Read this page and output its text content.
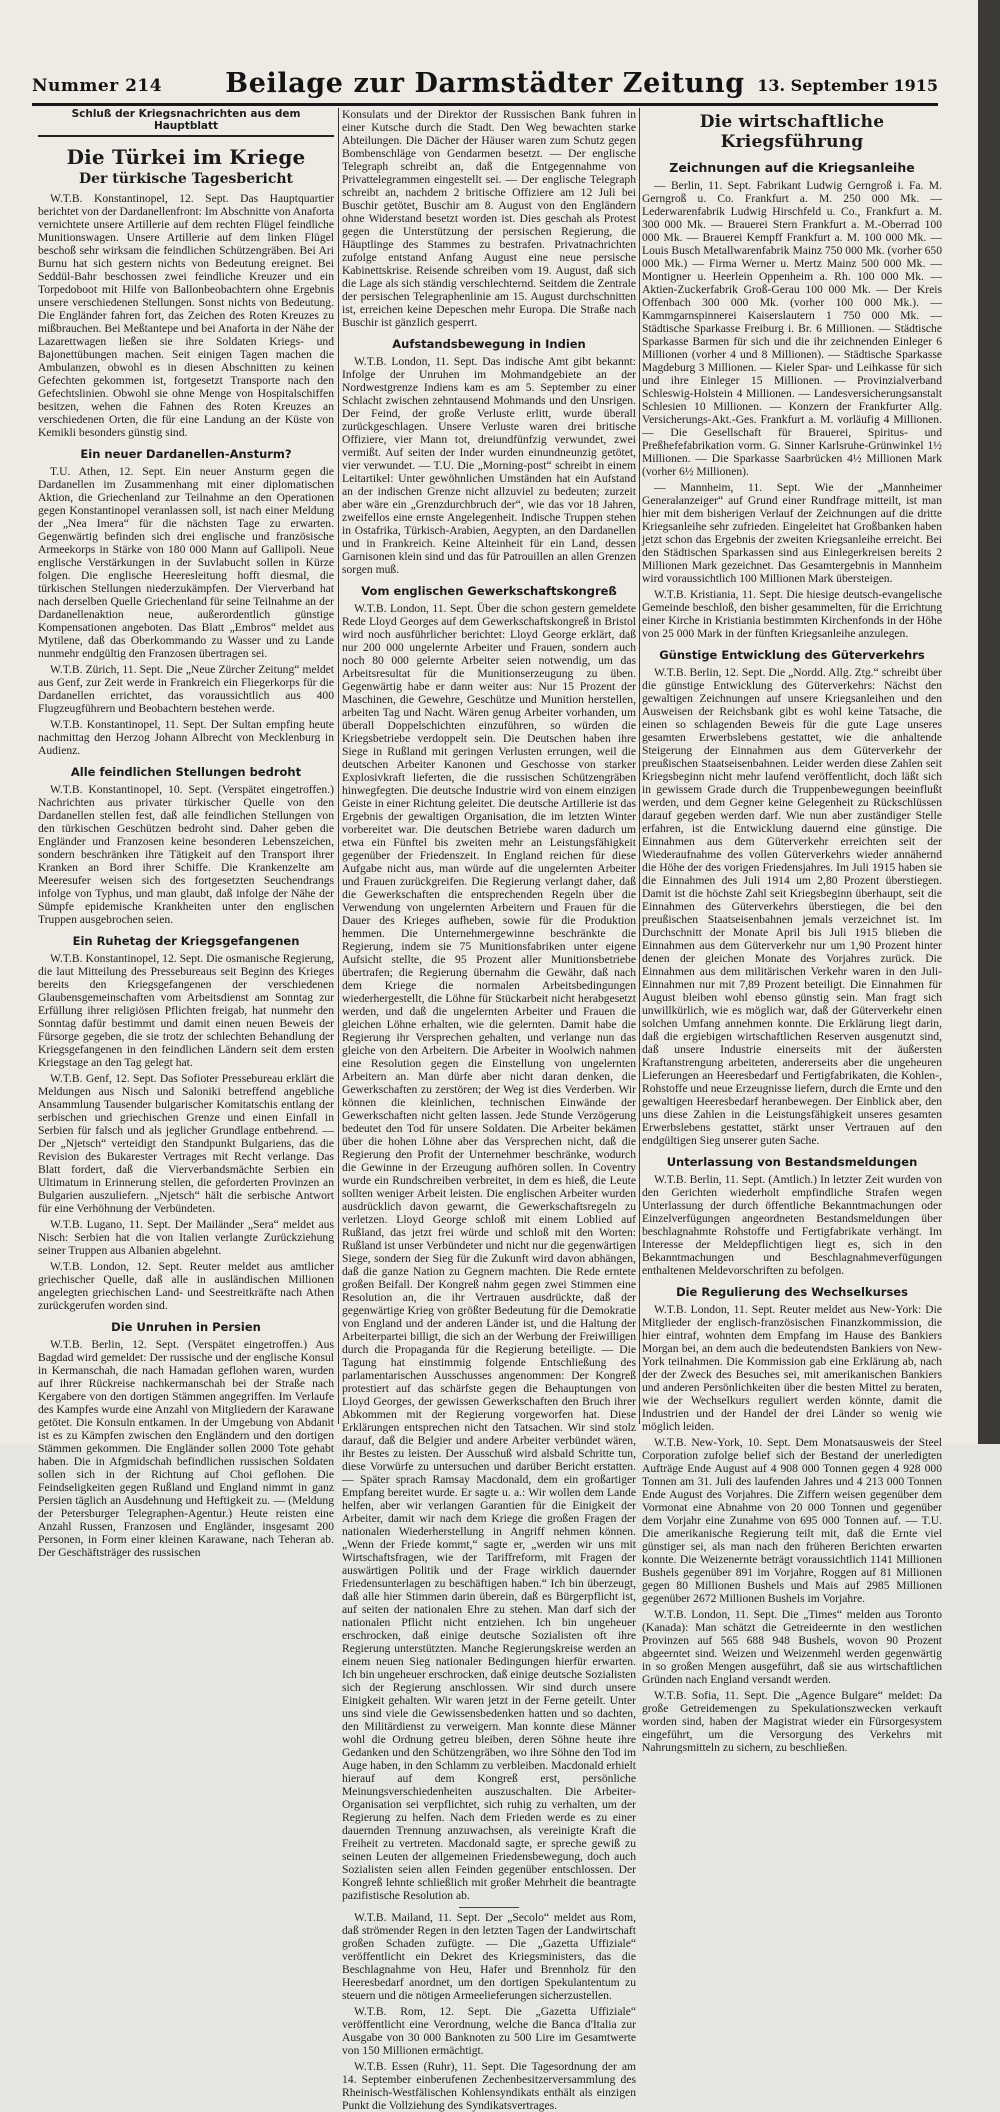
Nummer 214	Beilage zur Darmstädter Zeitung 13. September 1915
Schluß der Kriegsnachrichten aus dem Hauptblatt
Die Türkei im Kriege
Der türkische Tagesbericht

W.T.B. Konstantinopel, 12. Sept. Das Hauptquartier berichtet von der Dardanellenfront: Im Abschnitte von Anaforta vernichtete unsere Artillerie auf dem rechten Flügel feindliche Munitionswagen. Unsere Artillerie auf dem linken Flügel beschoß sehr wirksam die feindlichen Schützengräben. Bei Ari Burnu hat sich gestern nichts von Bedeutung ereignet. Bei Seddül-Bahr beschossen zwei feindliche Kreuzer und ein Torpedoboot mit Hilfe von Ballonbeobachtern ohne Ergebnis unsere verschiedenen Stellungen. Sonst nichts von Bedeutung. Die Engländer fahren fort, das Zeichen des Roten Kreuzes zu mißbrauchen. Bei Meßtantepe und bei Anaforta in der Nähe der Lazarettwagen ließen sie ihre Soldaten Kriegs- und Bajonettübungen machen. Seit einigen Tagen machen die Ambulanzen, obwohl es in diesen Abschnitten zu keinen Gefechten gekommen ist, fortgesetzt Transporte nach den Gefechtslinien. Obwohl sie ohne Menge von Hospitalschiffen besitzen, wehen die Fahnen des Roten Kreuzes an verschiedenen Orten, die für eine Landung an der Küste von Kemikli besonders günstig sind.

Ein neuer Dardanellen-Ansturm?

T.U. Athen, 12. Sept. Ein neuer Ansturm gegen die Dardanellen im Zusammenhang mit einer diplomatischen Aktion, die Griechenland zur Teilnahme an den Operationen gegen Konstantinopel veranlassen soll, ist nach einer Meldung der „Nea Imera“ für die nächsten Tage zu erwarten. Gegenwärtig befinden sich drei englische und französische Armeekorps in Stärke von 180 000 Mann auf Gallipoli. Neue englische Verstärkungen in der Suvlabucht sollen in Kürze folgen. Die englische Heeresleitung hofft diesmal, die türkischen Stellungen niederzukämpfen. Der Vierverband hat nach derselben Quelle Griechenland für seine Teilnahme an der Dardanellenaktion neue, außerordentlich günstige Kompensationen angeboten. Das Blatt „Embros“ meldet aus Mytilene, daß das Oberkommando zu Wasser und zu Lande nunmehr endgültig den Franzosen übertragen sei.

W.T.B. Zürich, 11. Sept. Die „Neue Zürcher Zeitung“ meldet aus Genf, zur Zeit werde in Frankreich ein Fliegerkorps für die Dardanellen errichtet, das voraussichtlich aus 400 Flugzeugführern und Beobachtern bestehen werde.

W.T.B. Konstantinopel, 11. Sept. Der Sultan empfing heute nachmittag den Herzog Johann Albrecht von Mecklenburg in Audienz.

Alle feindlichen Stellungen bedroht

W.T.B. Konstantinopel, 10. Sept. (Verspätet eingetroffen.) Nachrichten aus privater türkischer Quelle von den Dardanellen stellen fest, daß alle feindlichen Stellungen von den türkischen Geschützen bedroht sind. Daher geben die Engländer und Franzosen keine besonderen Lebenszeichen, sondern beschränken ihre Tätigkeit auf den Transport ihrer Kranken an Bord ihrer Schiffe. Die Krankenzelte am Meeresufer weisen sich des fortgesetzten Seuchendrangs infolge von Typhus, und man glaubt, daß infolge der Nähe der Sümpfe epidemische Krankheiten unter den englischen Truppen ausgebrochen seien.

Ein Ruhetag der Kriegsgefangenen

W.T.B. Konstantinopel, 12. Sept. Die osmanische Regierung, die laut Mitteilung des Pressebureaus seit Beginn des Krieges bereits den Kriegsgefangenen der verschiedenen Glaubensgemeinschaften vom Arbeitsdienst am Sonntag zur Erfüllung ihrer religiösen Pflichten freigab, hat nunmehr den Sonntag dafür bestimmt und damit einen neuen Beweis der Fürsorge gegeben, die sie trotz der schlechten Behandlung der Kriegsgefangenen in den feindlichen Ländern seit dem ersten Kriegstage an den Tag gelegt hat.

W.T.B. Genf, 12. Sept. Das Sofioter Pressebureau erklärt die Meldungen aus Nisch und Saloniki betreffend angebliche Ansammlung Tausender bulgarischer Komitatschis entlang der serbischen und griechischen Grenze und einen Einfall in Serbien für falsch und als jeglicher Grundlage entbehrend. — Der „Njetsch“ verteidigt den Standpunkt Bulgariens, das die Revision des Bukarester Vertrages mit Recht verlange. Das Blatt fordert, daß die Vierverbandsmächte Serbien ein Ultimatum in Erinnerung stellen, die geforderten Provinzen an Bulgarien auszuliefern. „Njetsch“ hält die serbische Antwort für eine Verhöhnung der Verbündeten.

W.T.B. Lugano, 11. Sept. Der Mailänder „Sera“ meldet aus Nisch: Serbien hat die von Italien verlangte Zurückziehung seiner Truppen aus Albanien abgelehnt.

W.T.B. London, 12. Sept. Reuter meldet aus amtlicher griechischer Quelle, daß alle in ausländischen Millionen angelegten griechischen Land- und Seestreitkräfte nach Athen zurückgerufen worden sind.

Die Unruhen in Persien

W.T.B. Berlin, 12. Sept. (Verspätet eingetroffen.) Aus Bagdad wird gemeldet: Der russische und der englische Konsul in Kermanschah, die nach Hamadan geflohen waren, wurden auf ihrer Rückreise nachkermanschah bei der Straße nach Kergabere von den dortigen Stämmen angegriffen. Im Verlaufe des Kampfes wurde eine Anzahl von Mitgliedern der Karawane getötet. Die Konsuln entkamen. In der Umgebung von Abdanit ist es zu Kämpfen zwischen den Engländern und den dortigen Stämmen gekommen. Die Engländer sollen 2000 Tote gehabt haben. Die in Afgmidschah befindlichen russischen Soldaten sollen sich in der Richtung auf Choi geflohen. Die Feindseligkeiten gegen Rußland und England nimmt in ganz Persien täglich an Ausdehnung und Heftigkeit zu. — (Meldung der Petersburger Telegraphen-Agentur.) Heute reisten eine Anzahl Russen, Franzosen und Engländer, insgesamt 200 Personen, in Form einer kleinen Karawane, nach Teheran ab. Der Geschäftsträger des russischen

Konsulats und der Direktor der Russischen Bank fuhren in einer Kutsche durch die Stadt. Den Weg bewachten starke Abteilungen. Die Dächer der Häuser waren zum Schutz gegen Bombenschläge von Gendarmen besetzt. — Der englische Telegraph schreibt an, daß die Entgegennahme von Privattelegrammen eingestellt sei. — Der englische Telegraph schreibt an, nachdem 2 britische Offiziere am 12 Juli bei Buschir getötet, Buschir am 8. August von den Engländern ohne Widerstand besetzt worden ist. Dies geschah als Protest gegen die Unterstützung der persischen Regierung, die Häuptlinge des Stammes zu bestrafen. Privatnachrichten zufolge entstand Anfang August eine neue persische Kabinettskrise. Reisende schreiben vom 19. August, daß sich die Lage als sich ständig verschlechternd. Seitdem die Zentrale der persischen Telegraphenlinie am 15. August durchschnitten ist, erreichen keine Depeschen mehr Europa. Die Straße nach Buschir ist gänzlich gesperrt.

Aufstandsbewegung in Indien

W.T.B. London, 11. Sept. Das indische Amt gibt bekannt: Infolge der Unruhen im Mohmandgebiete an der Nordwestgrenze Indiens kam es am 5. September zu einer Schlacht zwischen zehntausend Mohmands und den Unsrigen. Der Feind, der große Verluste erlitt, wurde überall zurückgeschlagen. Unsere Verluste waren drei britische Offiziere, vier Mann tot, dreiundfünfzig verwundet, zwei vermißt. Auf seiten der Inder wurden einundneunzig getötet, vier verwundet. — T.U. Die „Morning-post“ schreibt in einem Leitartikel: Unter gewöhnlichen Umständen hat ein Aufstand an der indischen Grenze nicht allzuviel zu bedeuten; zurzeit aber wäre ein „Grenzdurchbruch der“, wie das vor 18 Jahren, zweifellos eine ernste Angelegenheit. Indische Truppen stehen in Ostafrika, Türkisch-Arabien, Aegypten, an den Dardanellen und in Frankreich. Keine Alteinheit für ein Land, dessen Garnisonen klein sind und das für Patrouillen an allen Grenzen sorgen muß.

Vom englischen Gewerkschaftskongreß

W.T.B. London, 11. Sept. Über die schon gestern gemeldete Rede Lloyd Georges auf dem Gewerkschaftskongreß in Bristol wird noch ausführlicher berichtet: Lloyd George erklärt, daß nur 200 000 ungelernte Arbeiter und Frauen, sondern auch noch 80 000 gelernte Arbeiter seien notwendig, um das Arbeitsresultat für die Munitionserzeugung zu üben. Gegenwärtig habe er dann weiter aus: Nur 15 Prozent der Maschinen, die Gewehre, Geschütze und Munition herstellen, arbeiten Tag und Nacht. Wären genug Arbeiter vorhanden, um überall Doppelschichten einzuführen, so würden die Kriegsbetriebe verdoppelt sein. Die Deutschen haben ihre Siege in Rußland mit geringen Verlusten errungen, weil die deutschen Arbeiter Kanonen und Geschosse von starker Explosivkraft lieferten, die die russischen Schützengräben hinwegfegten. Die deutsche Industrie wird von einem einzigen Geiste in einer Richtung geleitet. Die deutsche Artillerie ist das Ergebnis der gewaltigen Organisation, die im letzten Winter vorbereitet war. Die deutschen Betriebe waren dadurch um etwa ein Fünftel bis zweiten mehr an Leistungsfähigkeit gegenüber der Friedenszeit. In England reichen für diese Aufgabe nicht aus, man würde auf die ungelernten Arbeiter und Frauen zurückgreifen. Die Regierung verlangt daher, daß die Gewerkschaften die entsprechenden Regeln über die Verwendung von ungelernten Arbeitern und Frauen für die Dauer des Krieges aufheben, sowie für die Produktion hemmen. Die Unternehmergewinne beschränkte die Regierung, indem sie 75 Munitionsfabriken unter eigene Aufsicht stellte, die 95 Prozent aller Munitionsbetriebe übertrafen; die Regierung übernahm die Gewähr, daß nach dem Kriege die normalen Arbeitsbedingungen wiederhergestellt, die Löhne für Stückarbeit nicht herabgesetzt werden, und daß die ungelernten Arbeiter und Frauen die gleichen Löhne erhalten, wie die gelernten. Damit habe die Regierung ihr Versprechen gehalten, und verlange nun das gleiche von den Arbeitern. Die Arbeiter in Woolwich nahmen eine Resolution gegen die Einstellung von ungelernten Arbeitern an. Man dürfe aber nicht daran denken, die Gewerkschaften zu zerstören; der Weg ist dies Verderben. Wir können die kleinlichen, technischen Einwände der Gewerkschaften nicht gelten lassen. Jede Stunde Verzögerung bedeutet den Tod für unsere Soldaten. Die Arbeiter bekämen über die hohen Löhne aber das Versprechen nicht, daß die Regierung den Profit der Unternehmer beschränke, wodurch die Gewinne in der Erzeugung aufhören sollen. In Coventry wurde ein Rundschreiben verbreitet, in dem es hieß, die Leute sollten weniger Arbeit leisten. Die englischen Arbeiter wurden ausdrücklich davon gewarnt, die Gewerkschaftsregeln zu verletzen. Lloyd George schloß mit einem Loblied auf Rußland, das jetzt frei würde und schloß mit den Worten: Rußland ist unser Verbündeter und nicht nur die gegenwärtigen Siege, sondern der Sieg für die Zukunft wird davon abhängen, daß die ganze Nation zu Gegnern machten. Die Rede erntete großen Beifall. Der Kongreß nahm gegen zwei Stimmen eine Resolution an, die ihr Vertrauen ausdrückte, daß der gegenwärtige Krieg von größter Bedeutung für die Demokratie von England und der anderen Länder ist, und die Haltung der Arbeiterpartei billigt, die sich an der Werbung der Freiwilligen durch die Propaganda für die Regierung beteiligte. — Die Tagung hat einstimmig folgende Entschließung des parlamentarischen Ausschusses angenommen: Der Kongreß protestiert auf das schärfste gegen die Behauptungen von Lloyd Georges, der gewissen Gewerkschaften den Bruch ihrer Abkommen mit der Regierung vorgeworfen hat. Diese Erklärungen entsprechen nicht den Tatsachen. Wir sind stolz darauf, daß die Belgier und andere Arbeiter verbündet wären, ihr Bestes zu leisten. Der Ausschuß wird alsbald Schritte tun, diese Vorwürfe zu untersuchen und darüber Bericht erstatten. — Später sprach Ramsay Macdonald, dem ein großartiger Empfang bereitet wurde. Er sagte u. a.: Wir wollen dem Lande helfen, aber wir verlangen Garantien für die Einigkeit der Arbeiter, damit wir nach dem Kriege die großen Fragen der nationalen Wiederherstellung in Angriff nehmen können. „Wenn der Friede kommt,“ sagte er, „werden wir uns mit Wirtschaftsfragen, wie der Tariffreform, mit Fragen der auswärtigen Politik und der Frage wirklich dauernder Friedensunterlagen zu beschäftigen haben.“ Ich bin überzeugt, daß alle hier Stimmen darin überein, daß es Bürgerpflicht ist, auf seiten der nationalen Ehre zu stehen. Man darf sich der nationalen Pflicht nicht entziehen. Ich bin ungeheuer erschrocken, daß einige deutsche Sozialisten oft ihre Regierung unterstützten. Manche Regierungskreise werden an einem neuen Sieg nationaler Bedingungen hierfür erwarten. Ich bin ungeheuer erschrocken, daß einige deutsche Sozialisten sich der Regierung anschlossen. Wir sind durch unsere Einigkeit gehalten. Wir waren jetzt in der Ferne geteilt. Unter uns sind viele die Gewissensbedenken hatten und so dachten, den Militärdienst zu verweigern. Man konnte diese Männer wohl die Ordnung getreu bleiben, deren Söhne heute ihre Gedanken und den Schützengräben, wo ihre Söhne den Tod im Auge haben, in den Schlamm zu verbleiben. Macdonald erhielt hierauf auf dem Kongreß erst, persönliche Meinungsverschiedenheiten auszuschalten. Die Arbeiter-Organisation sei verpflichtet, sich ruhig zu verhalten, um der Regierung zu helfen. Nach dem Frieden werde es zu einer dauernden Trennung anzuwachsen, als vereinigte Kraft die Freiheit zu vertreten. Macdonald sagte, er spreche gewiß zu seinen Leuten der allgemeinen Friedensbewegung, doch auch Sozialisten seien allen Feinden gegenüber entschlossen. Der Kongreß lehnte schließlich mit großer Mehrheit die beantragte pazifistische Resolution ab.

W.T.B. Mailand, 11. Sept. Der „Secolo“ meldet aus Rom, daß strömender Regen in den letzten Tagen der Landwirtschaft großen Schaden zufügte. — Die „Gazetta Uffiziale“ veröffentlicht ein Dekret des Kriegsministers, das die Beschlagnahme von Heu, Hafer und Brennholz für den Heeresbedarf anordnet, um den dortigen Spekulantentum zu steuern und die nötigen Armeelieferungen sicherzustellen.

W.T.B. Rom, 12. Sept. Die „Gazetta Uffiziale“ veröffentlicht eine Verordnung, welche die Banca d'Italia zur Ausgabe von 30 000 Banknoten zu 500 Lire im Gesamtwerte von 150 Millionen ermächtigt.

W.T.B. Essen (Ruhr), 11. Sept. Die Tagesordnung der am 14. September einberufenen Zechenbesitzerversammlung des Rheinisch-Westfälischen Kohlensyndikats enthält als einzigen Punkt die Vollziehung des Syndikatsvertrages.

Die wirtschaftliche Kriegsführung
Zeichnungen auf die Kriegsanleihe

— Berlin, 11. Sept. Fabrikant Ludwig Gerngroß i. Fa. M. Gerngroß u. Co. Frankfurt a. M. 250 000 Mk. — Lederwarenfabrik Ludwig Hirschfeld u. Co., Frankfurt a. M. 300 000 Mk. — Brauerei Stern Frankfurt a. M.-Oberrad 100 000 Mk. — Brauerei Kempff Frankfurt a. M. 100 000 Mk. — Louis Busch Metallwarenfabrik Mainz 750 000 Mk. (vorher 650 000 Mk.) — Firma Werner u. Mertz Mainz 500 000 Mk. — Montigner u. Heerlein Oppenheim a. Rh. 100 000 Mk. — Aktien-Zuckerfabrik Groß-Gerau 100 000 Mk. — Der Kreis Offenbach 300 000 Mk. (vorher 100 000 Mk.). — Kammgarnspinnerei Kaiserslautern 1 750 000 Mk. — Städtische Sparkasse Freiburg i. Br. 6 Millionen. — Städtische Sparkasse Barmen für sich und die ihr zeichnenden Einleger 6 Millionen (vorher 4 und 8 Millionen). — Städtische Sparkasse Magdeburg 3 Millionen. — Kieler Spar- und Leihkasse für sich und ihre Einleger 15 Millionen. — Provinzialverband Schleswig-Holstein 4 Millionen. — Landesversicherungsanstalt Schlesien 10 Millionen. — Konzern der Frankfurter Allg. Versicherungs-Akt.-Ges. Frankfurt a. M. vorläufig 4 Millionen. — Die Gesellschaft für Brauerei, Spiritus- und Preßhefefabrikation vorm. G. Sinner Karlsruhe-Grünwinkel 1½ Millionen. — Die Sparkasse Saarbrücken 4½ Millionen Mark (vorher 6½ Millionen).

— Mannheim, 11. Sept. Wie der „Mannheimer Generalanzeiger“ auf Grund einer Rundfrage mitteilt, ist man hier mit dem bisherigen Verlauf der Zeichnungen auf die dritte Kriegsanleihe sehr zufrieden. Eingeleitet hat Großbanken haben jetzt schon das Ergebnis der zweiten Kriegsanleihe erreicht. Bei den Städtischen Sparkassen sind aus Einlegerkreisen bereits 2 Millionen Mark gezeichnet. Das Gesamtergebnis in Mannheim wird voraussichtlich 100 Millionen Mark übersteigen.

W.T.B. Kristiania, 11. Sept. Die hiesige deutsch-evangelische Gemeinde beschloß, den bisher gesammelten, für die Errichtung einer Kirche in Kristiania bestimmten Kirchenfonds in der Höhe von 25 000 Mark in der fünften Kriegsanleihe anzulegen.

Günstige Entwicklung des Güterverkehrs

W.T.B. Berlin, 12. Sept. Die „Nordd. Allg. Ztg.“ schreibt über die günstige Entwicklung des Güterverkehrs: Nächst den gewaltigen Zeichnungen auf unsere Kriegsanleihen und den Ausweisen der Reichsbank gibt es wohl keine Tatsache, die einen so schlagenden Beweis für die gute Lage unseres gesamten Erwerbslebens gestattet, wie die anhaltende Steigerung der Einnahmen aus dem Güterverkehr der preußischen Staatseisenbahnen. Leider werden diese Zahlen seit Kriegsbeginn nicht mehr laufend veröffentlicht, doch läßt sich in gewissem Grade durch die Truppenbewegungen beeinflußt werden, und dem Gegner keine Gelegenheit zu Rückschlüssen darauf gegeben werden darf. Wie nun aber zuständiger Stelle erfahren, ist die Entwicklung dauernd eine günstige. Die Einnahmen aus dem Güterverkehr erreichten seit der Wiederaufnahme des vollen Güterverkehrs wieder annähernd die Höhe der des vorigen Friedensjahres. Im Juli 1915 haben sie die Einnahmen des Juli 1914 um 2,80 Prozent überstiegen. Damit ist die höchste Zahl seit Kriegsbeginn überhaupt, seit die Einnahmen des Güterverkehrs überstiegen, die bei den preußischen Staatseisenbahnen jemals verzeichnet ist. Im Durchschnitt der Monate April bis Juli 1915 blieben die Einnahmen aus dem Güterverkehr nur um 1,90 Prozent hinter denen der gleichen Monate des Vorjahres zurück. Die Einnahmen aus dem militärischen Verkehr waren in den Juli-Einnahmen nur mit 7,89 Prozent beteiligt. Die Einnahmen für August bleiben wohl ebenso günstig sein. Man fragt sich unwillkürlich, wie es möglich war, daß der Güterverkehr einen solchen Umfang annehmen konnte. Die Erklärung liegt darin, daß die ergiebigen wirtschaftlichen Reserven ausgenutzt sind, daß unsere Industrie einerseits mit der äußersten Kraftanstrengung arbeiteten, andererseits aber die ungeheuren Lieferungen an Heeresbedarf und Fertigfabrikaten, die Kohlen-, Rohstoffe und neue Erzeugnisse liefern, durch die Ernte und den gewaltigen Heeresbedarf heranbewegen. Der Einblick aber, den uns diese Zahlen in die Leistungsfähigkeit unseres gesamten Erwerbslebens gestattet, stärkt unser Vertrauen auf den endgültigen Sieg unserer guten Sache.

Unterlassung von Bestandsmeldungen

W.T.B. Berlin, 11. Sept. (Amtlich.) In letzter Zeit wurden von den Gerichten wiederholt empfindliche Strafen wegen Unterlassung der durch öffentliche Bekanntmachungen oder Einzelverfügungen angeordneten Bestandsmeldungen über beschlagnahmte Rohstoffe und Fertigfabrikate verhängt. Im Interesse der Meldepflichtigen liegt es, sich in den Bekanntmachungen und Beschlagnahmeverfügungen enthaltenen Meldevorschriften zu befolgen.

Die Regulierung des Wechselkurses

W.T.B. London, 11. Sept. Reuter meldet aus New-York: Die Mitglieder der englisch-französischen Finanzkommission, die hier eintraf, wohnten dem Empfang im Hause des Bankiers Morgan bei, an dem auch die bedeutendsten Bankiers von New-York teilnahmen. Die Kommission gab eine Erklärung ab, nach der der Zweck des Besuches sei, mit amerikanischen Bankiers und anderen Persönlichkeiten über die besten Mittel zu beraten, wie der Wechselkurs reguliert werden könnte, damit die Industrien und der Handel der drei Länder so wenig wie möglich leiden.

W.T.B. New-York, 10. Sept. Dem Monatsausweis der Steel Corporation zufolge belief sich der Bestand der unerledigten Aufträge Ende August auf 4 908 000 Tonnen gegen 4 928 000 Tonnen am 31. Juli des laufenden Jahres und 4 213 000 Tonnen Ende August des Vorjahres. Die Ziffern weisen gegenüber dem Vormonat eine Abnahme von 20 000 Tonnen und gegenüber dem Vorjahr eine Zunahme von 695 000 Tonnen auf. — T.U. Die amerikanische Regierung teilt mit, daß die Ernte viel günstiger sei, als man nach den früheren Berichten erwarten konnte. Die Weizenernte beträgt voraussichtlich 1141 Millionen Bushels gegenüber 891 im Vorjahre, Roggen auf 81 Millionen gegen 80 Millionen Bushels und Mais auf 2985 Millionen gegenüber 2672 Millionen Bushels im Vorjahre.

W.T.B. London, 11. Sept. Die „Times“ melden aus Toronto (Kanada): Man schätzt die Getreideernte in den westlichen Provinzen auf 565 688 948 Bushels, wovon 90 Prozent abgeerntet sind. Weizen und Weizenmehl werden gegenwärtig in so großen Mengen ausgeführt, daß sie aus wirtschaftlichen Gründen nach England versandt werden.

W.T.B. Sofia, 11. Sept. Die „Agence Bulgare“ meldet: Da große Getreidemengen zu Spekulationszwecken verkauft worden sind, haben der Magistrat wieder ein Fürsorgesystem eingeführt, um die Versorgung des Verkehrs mit Nahrungsmitteln zu sichern, zu beschließen.
